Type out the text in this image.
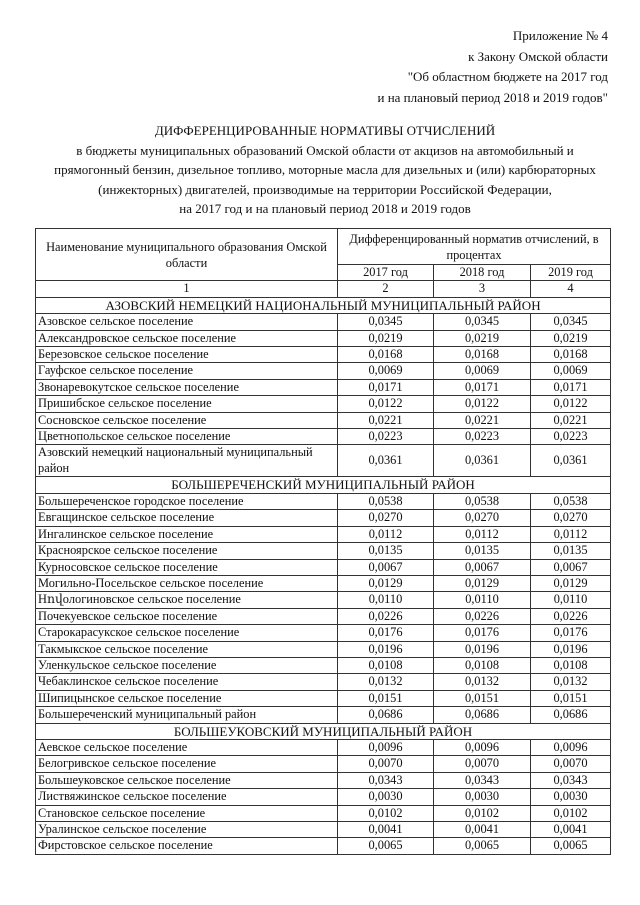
Приложение № 4
к Закону Омской области
"Об областном бюджете на 2017 год
и на плановый период 2018 и 2019 годов"
ДИФФЕРЕНЦИРОВАННЫЕ НОРМАТИВЫ ОТЧИСЛЕНИЙ
в бюджеты муниципальных образований Омской области от акцизов на автомобильный и
прямогонный бензин, дизельное топливо, моторные масла для дизельных и (или) карбюраторных
(инжекторных) двигателей, производимые на территории Российской Федерации,
на 2017 год и на плановый период 2018 и 2019 годов
Наименование муниципального образования Омской области	Дифференцированный норматив отчислений, в процентах		
	2017 год	2018 год	2019 год
1	2	3	4
АЗОВСКИЙ НЕМЕЦКИЙ НАЦИОНАЛЬНЫЙ МУНИЦИПАЛЬНЫЙ РАЙОН			
Азовское сельское поселение	0,0345	0,0345	0,0345
Александровское сельское поселение	0,0219	0,0219	0,0219
Березовское сельское поселение	0,0168	0,0168	0,0168
Гауфское сельское поселение	0,0069	0,0069	0,0069
Звонаревокутское сельское поселение	0,0171	0,0171	0,0171
Пришибское сельское поселение	0,0122	0,0122	0,0122
Сосновское сельское поселение	0,0221	0,0221	0,0221
Цветнопольское сельское поселение	0,0223	0,0223	0,0223
Азовский немецкий национальный муниципальный район	0,0361	0,0361	0,0361
БОЛЬШЕРЕЧЕНСКИЙ МУНИЦИПАЛЬНЫЙ РАЙОН			
Большереченское городское поселение	0,0538	0,0538	0,0538
Евгащинское сельское поселение	0,0270	0,0270	0,0270
Ингалинское сельское поселение	0,0112	0,0112	0,0112
Красноярское сельское поселение	0,0135	0,0135	0,0135
Курносовское сельское поселение	0,0067	0,0067	0,0067
Могильно-Посельское сельское поселение	0,0129	0,0129	0,0129
Нովологиновское сельское поселение	0,0110	0,0110	0,0110
Почекуевское сельское поселение	0,0226	0,0226	0,0226
Старокарасукское сельское поселение	0,0176	0,0176	0,0176
Такмыкское сельское поселение	0,0196	0,0196	0,0196
Уленкульское сельское поселение	0,0108	0,0108	0,0108
Чебаклинское сельское поселение	0,0132	0,0132	0,0132
Шипицынское сельское поселение	0,0151	0,0151	0,0151
Большереченский муниципальный район	0,0686	0,0686	0,0686
БОЛЬШЕУКОВСКИЙ МУНИЦИПАЛЬНЫЙ РАЙОН			
Аевское сельское поселение	0,0096	0,0096	0,0096
Белогривское сельское поселение	0,0070	0,0070	0,0070
Большеуковское сельское поселение	0,0343	0,0343	0,0343
Листвяжинское сельское поселение	0,0030	0,0030	0,0030
Становское сельское поселение	0,0102	0,0102	0,0102
Уралинское сельское поселение	0,0041	0,0041	0,0041
Фирстовское сельское поселение	0,0065	0,0065	0,0065
